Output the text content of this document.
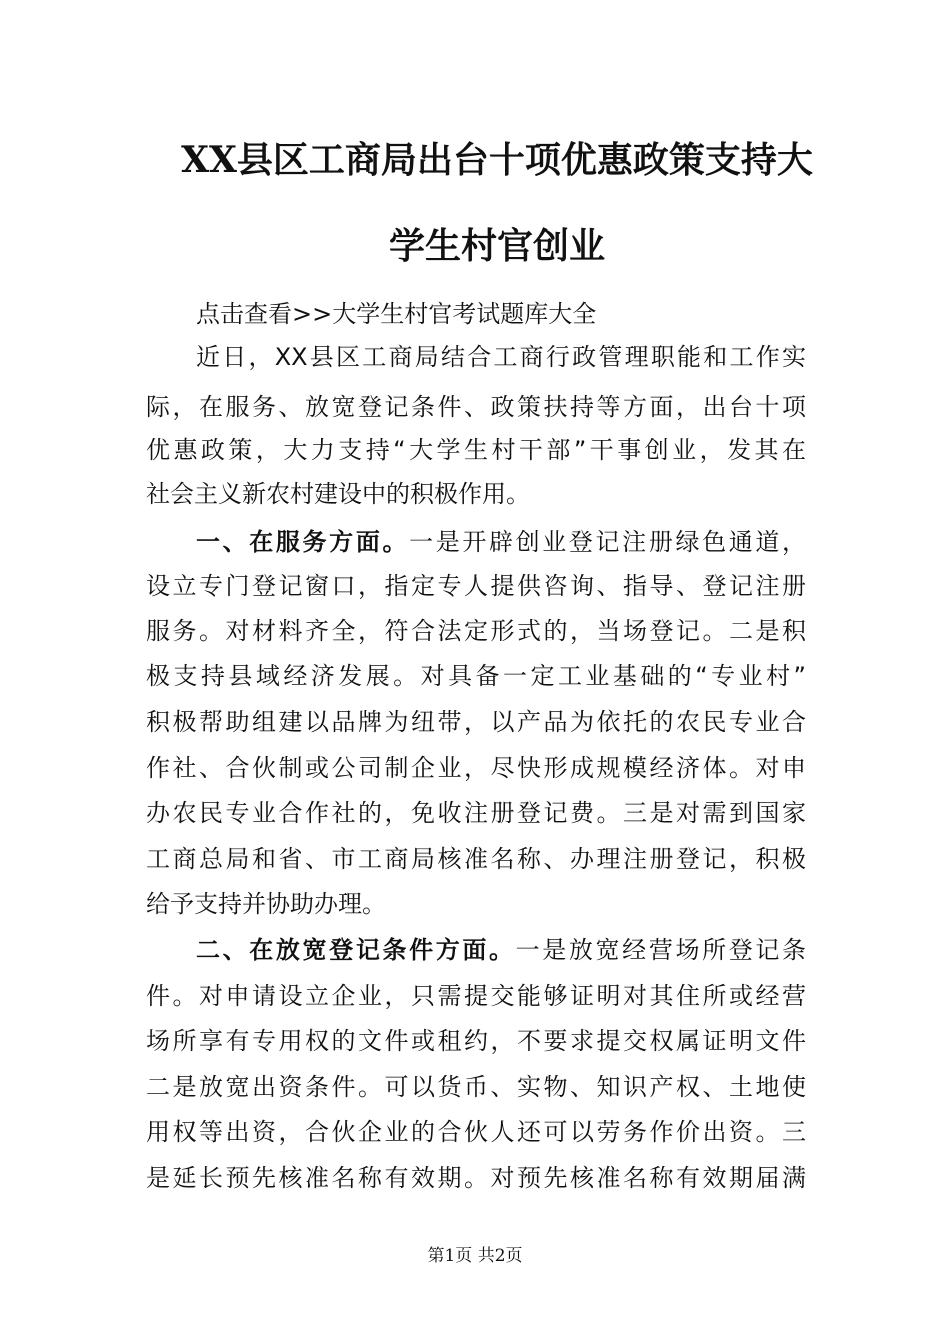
XX县区工商局出台十项优惠政策支持大
学生村官创业
点击查看>>大学生村官考试题库大全
近日，XX县区工商局结合工商行政管理职能和工作实
际，在服务、放宽登记条件、政策扶持等方面，出台十项
优惠政策，大力支持“大学生村干部”干事创业，发其在
社会主义新农村建设中的积极作用。
一、在服务方面。一是开辟创业登记注册绿色通道，
设立专门登记窗口，指定专人提供咨询、指导、登记注册
服务。对材料齐全，符合法定形式的，当场登记。二是积
极支持县域经济发展。对具备一定工业基础的“专业村”
积极帮助组建以品牌为纽带，以产品为依托的农民专业合
作社、合伙制或公司制企业，尽快形成规模经济体。对申
办农民专业合作社的，免收注册登记费。三是对需到国家
工商总局和省、市工商局核准名称、办理注册登记，积极
给予支持并协助办理。
二、在放宽登记条件方面。一是放宽经营场所登记条
件。对申请设立企业，只需提交能够证明对其住所或经营
场所享有专用权的文件或租约，不要求提交权属证明文件
二是放宽出资条件。可以货币、实物、知识产权、土地使
用权等出资，合伙企业的合伙人还可以劳务作价出资。三
是延长预先核准名称有效期。对预先核准名称有效期届满
第1页 共2页
